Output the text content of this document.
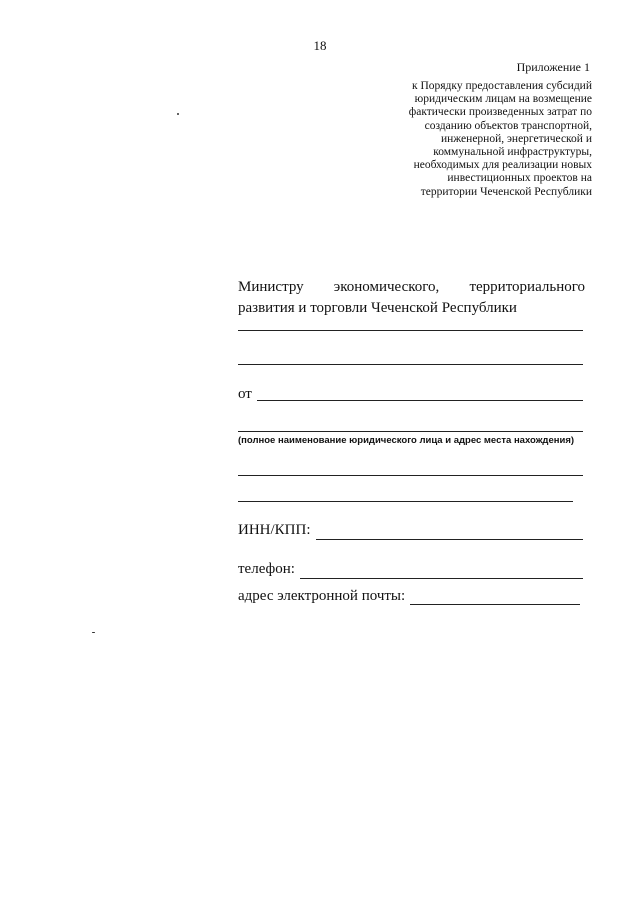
18
Приложение 1
к Порядку предоставления субсидий
юридическим лицам на возмещение
фактически произведенных затрат по
созданию объектов транспортной,
инженерной, энергетической и
коммунальной инфраструктуры,
необходимых для реализации новых
инвестиционных проектов на
территории Чеченской Республики
Министру экономического, территориального
развития и торговли Чеченской Республики
от
(полное наименование юридического лица и адрес места нахождения)
ИНН/КПП:
телефон:
адрес электронной почты:
